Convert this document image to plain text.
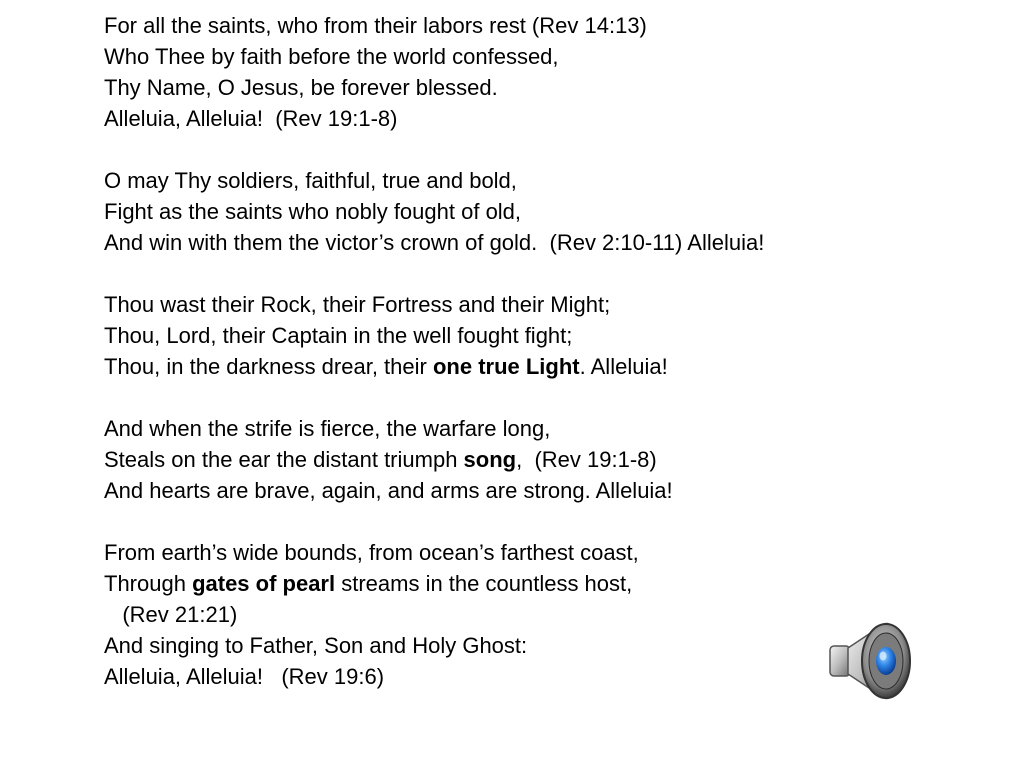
For all the saints, who from their labors rest (Rev 14:13)
Who Thee by faith before the world confessed,
Thy Name, O Jesus, be forever blessed.
Alleluia, Alleluia!  (Rev 19:1-8)
O may Thy soldiers, faithful, true and bold,
Fight as the saints who nobly fought of old,
And win with them the victor’s crown of gold.  (Rev 2:10-11) Alleluia!
Thou wast their Rock, their Fortress and their Might;
Thou, Lord, their Captain in the well fought fight;
Thou, in the darkness drear, their one true Light. Alleluia!
And when the strife is fierce, the warfare long,
Steals on the ear the distant triumph song,  (Rev 19:1-8)
And hearts are brave, again, and arms are strong. Alleluia!
From earth’s wide bounds, from ocean’s farthest coast,
Through gates of pearl streams in the countless host,
(Rev 21:21)
And singing to Father, Son and Holy Ghost:
Alleluia, Alleluia!   (Rev 19:6)
